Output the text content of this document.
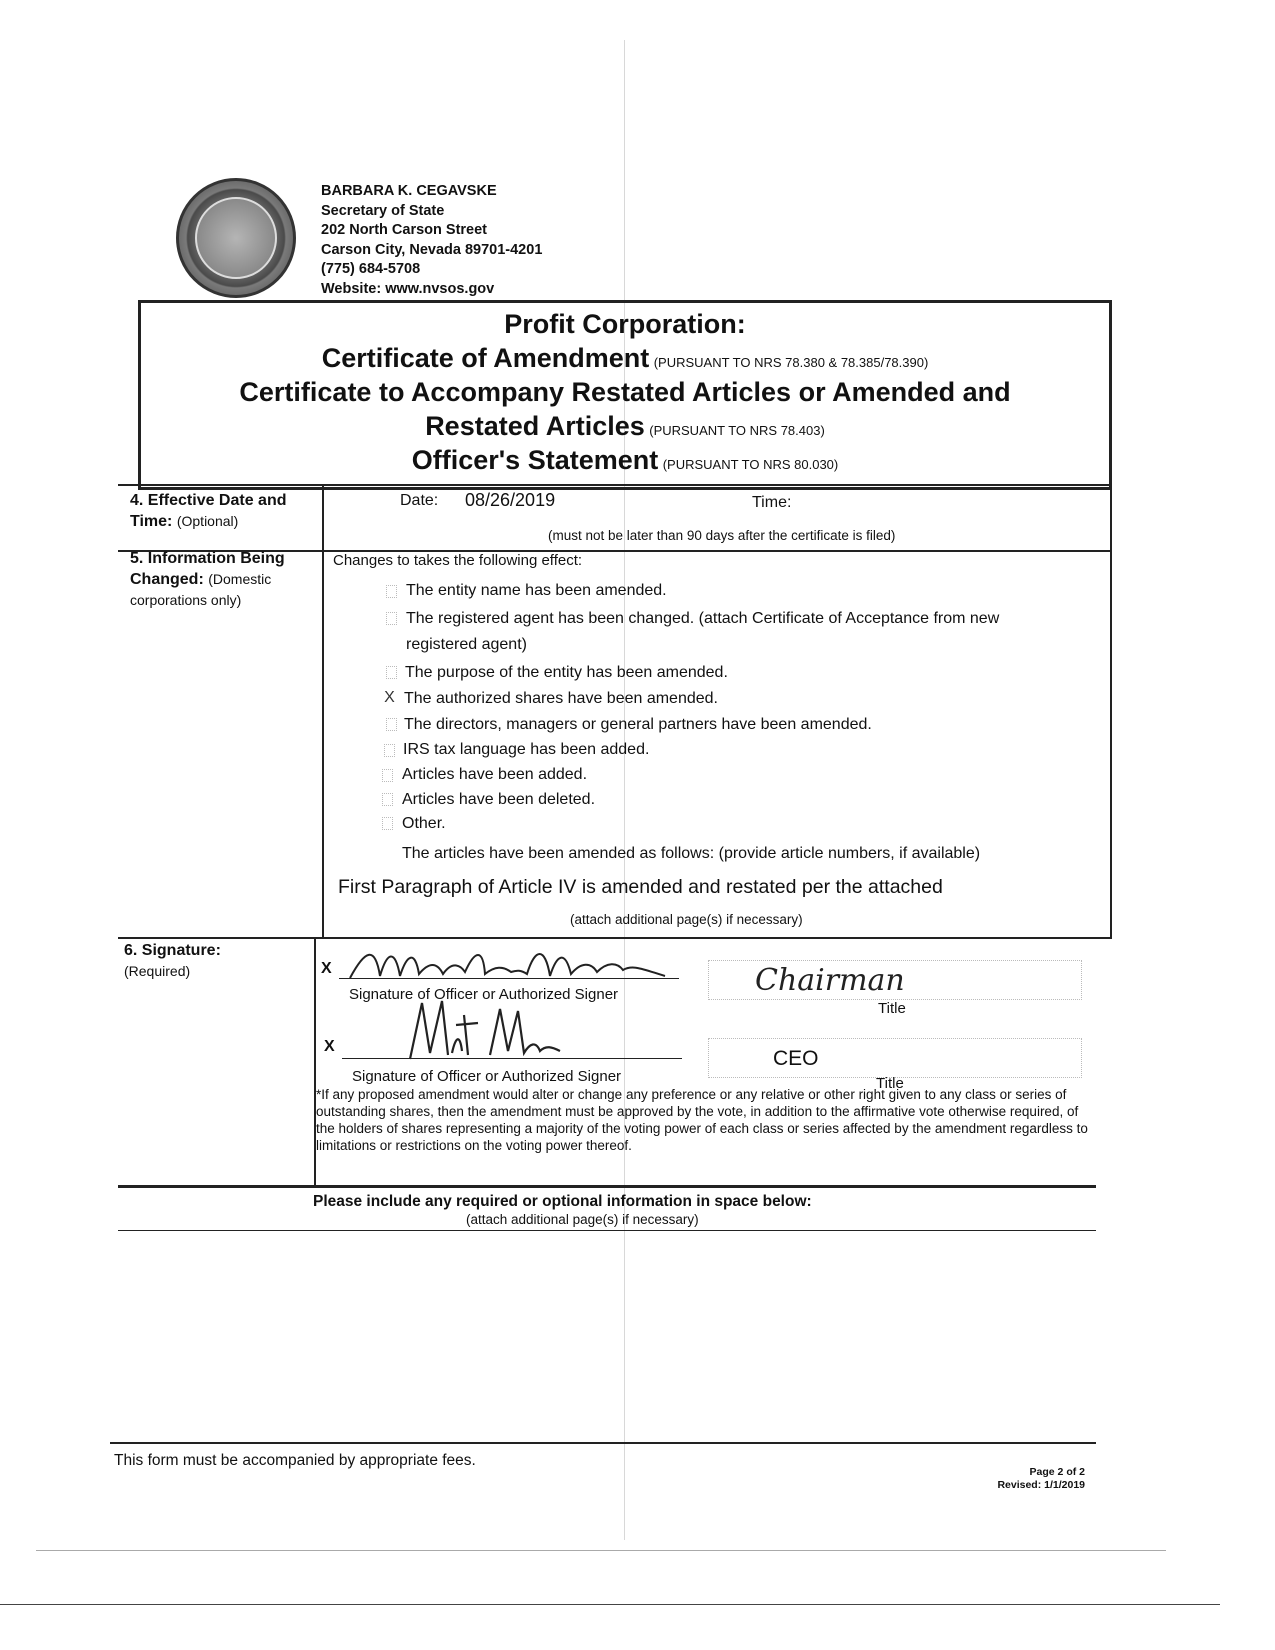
BARBARA K. CEGAVSKE
Secretary of State
202 North Carson Street
Carson City, Nevada 89701-4201
(775) 684-5708
Website: www.nvsos.gov
Profit Corporation:
Certificate of Amendment (PURSUANT TO NRS 78.380 & 78.385/78.390)
Certificate to Accompany Restated Articles or Amended and
Restated Articles (PURSUANT TO NRS 78.403)
Officer's Statement (PURSUANT TO NRS 80.030)
4. Effective Date and Time: (Optional)
Date: 08/26/2019	Time:
(must not be later than 90 days after the certificate is filed)
5. Information Being Changed: (Domestic corporations only)
Changes to takes the following effect:
The entity name has been amended.
The registered agent has been changed. (attach Certificate of Acceptance from new
registered agent)
The purpose of the entity has been amended.
X The authorized shares have been amended.
The directors, managers or general partners have been amended.
IRS tax language has been added.
Articles have been added.
Articles have been deleted.
Other.
The articles have been amended as follows: (provide article numbers, if available)
First Paragraph of Article IV is amended and restated per the attached
(attach additional page(s) if necessary)
6. Signature:
(Required)	X
Signature of Officer or Authorized Signer	Chairman
Title
X
Signature of Officer or Authorized Signer
CEO
Title
*If any proposed amendment would alter or change any preference or any relative or other right given to any class or series of outstanding shares, then the amendment must be approved by the vote, in addition to the affirmative vote otherwise required, of the holders of shares representing a majority of the voting power of each class or series affected by the amendment regardless to limitations or restrictions on the voting power thereof.
Please include any required or optional information in space below:
(attach additional page(s) if necessary)
This form must be accompanied by appropriate fees.
Page 2 of 2
Revised: 1/1/2019
